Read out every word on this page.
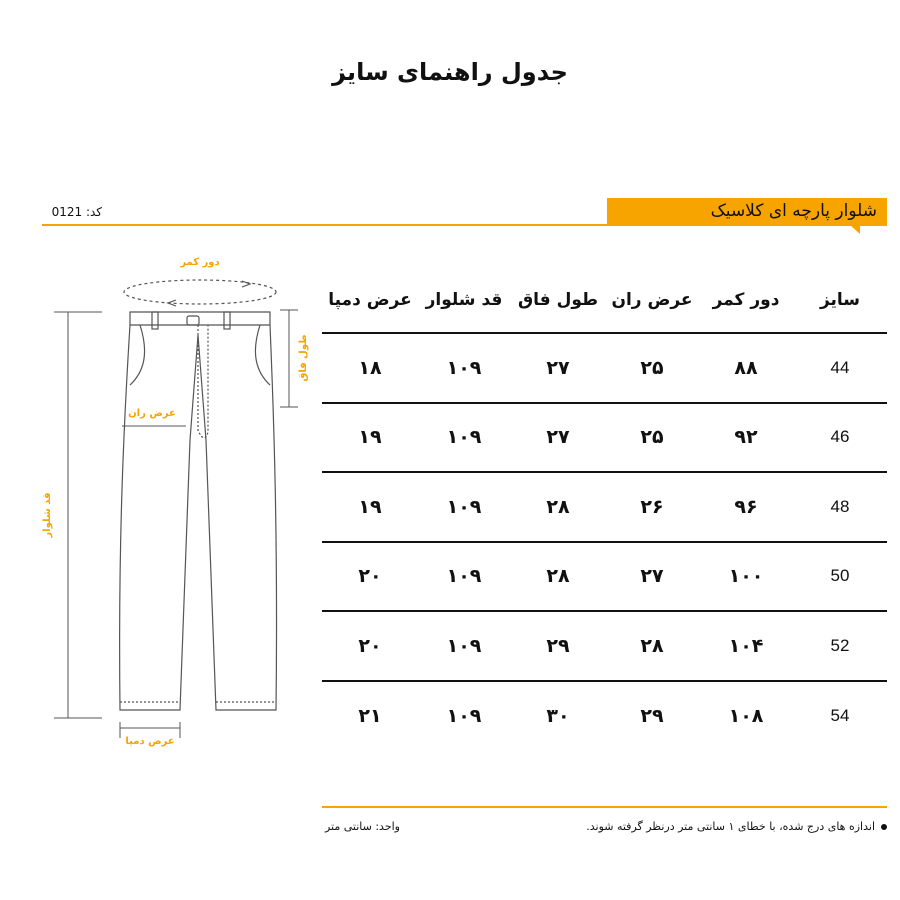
جدول راهنمای سایز
شلوار پارچه ای کلاسیک
کد: 0121
دور کمر
طول فاق
عرض ران
قد شلوار
عرض دمپا
سایز
دور کمر
عرض ران
طول فاق
قد شلوار
عرض دمپا
44
۸۸
۲۵
۲۷
۱۰۹
۱۸
46
۹۲
۲۵
۲۷
۱۰۹
۱۹
48
۹۶
۲۶
۲۸
۱۰۹
۱۹
50
۱۰۰
۲۷
۲۸
۱۰۹
۲۰
52
۱۰۴
۲۸
۲۹
۱۰۹
۲۰
54
۱۰۸
۲۹
۳۰
۱۰۹
۲۱
اندازه های درج شده، با خطای ۱ سانتی متر درنظر گرفته شوند.
واحد: سانتی متر
